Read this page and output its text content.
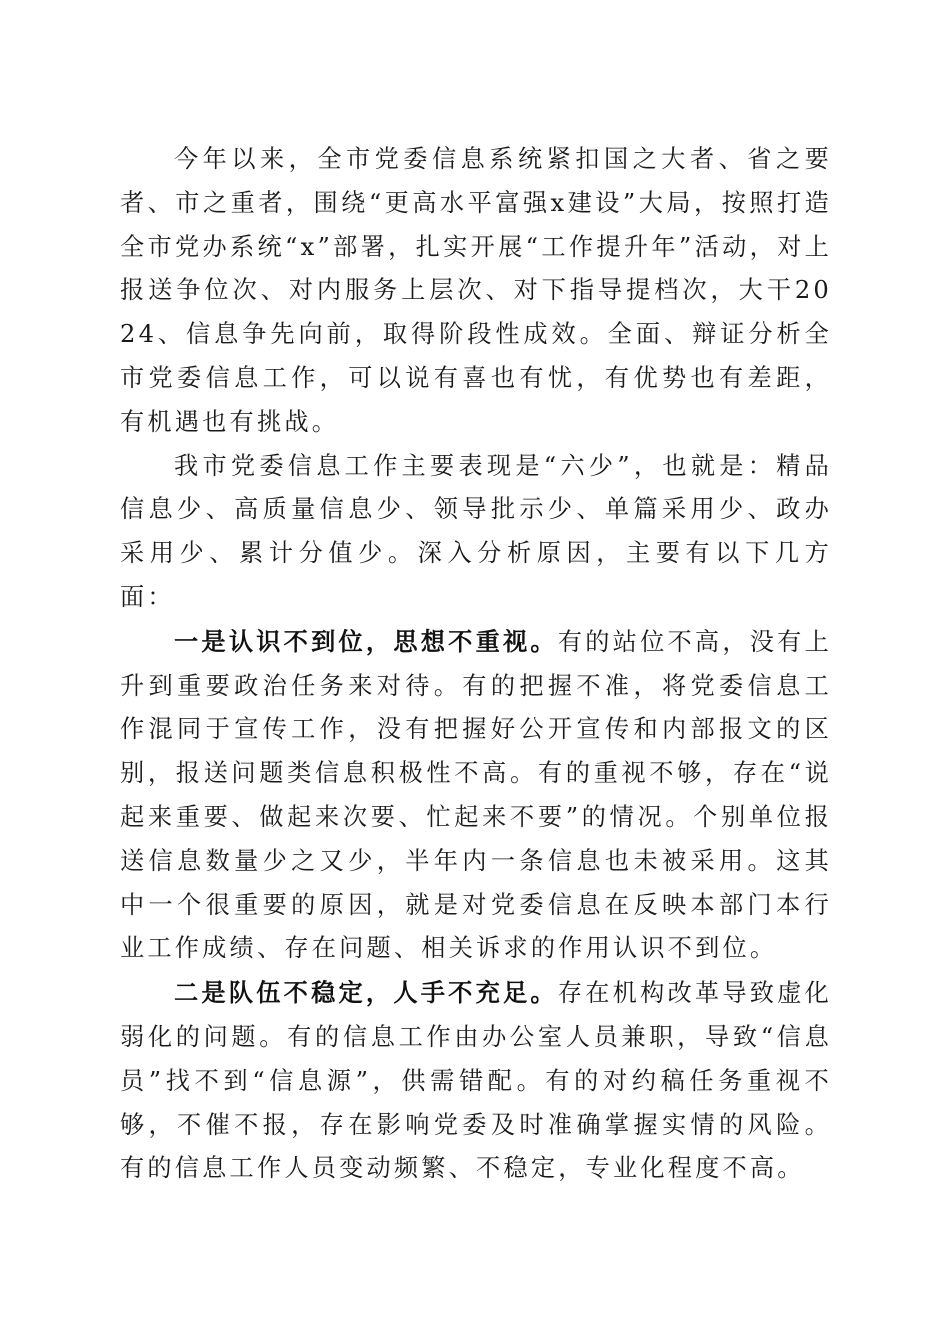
今年以来，全市党委信息系统紧扣国之大者、省之要者、市之重者，围绕“更高水平富强x建设”大局，按照打造全市党办系统“x”部署，扎实开展“工作提升年”活动，对上报送争位次、对内服务上层次、对下指导提档次，大干2024、信息争先向前，取得阶段性成效。全面、辩证分析全市党委信息工作，可以说有喜也有忧，有优势也有差距，有机遇也有挑战。

我市党委信息工作主要表现是“六少”，也就是：精品信息少、高质量信息少、领导批示少、单篇采用少、政办采用少、累计分值少。深入分析原因，主要有以下几方面：

一是认识不到位，思想不重视。有的站位不高，没有上升到重要政治任务来对待。有的把握不准，将党委信息工作混同于宣传工作，没有把握好公开宣传和内部报文的区别，报送问题类信息积极性不高。有的重视不够，存在“说起来重要、做起来次要、忙起来不要”的情况。个别单位报送信息数量少之又少，半年内一条信息也未被采用。这其中一个很重要的原因，就是对党委信息在反映本部门本行业工作成绩、存在问题、相关诉求的作用认识不到位。

二是队伍不稳定，人手不充足。存在机构改革导致虚化弱化的问题。有的信息工作由办公室人员兼职，导致“信息员”找不到“信息源”，供需错配。有的对约稿任务重视不够，不催不报，存在影响党委及时准确掌握实情的风险。有的信息工作人员变动频繁、不稳定，专业化程度不高。
